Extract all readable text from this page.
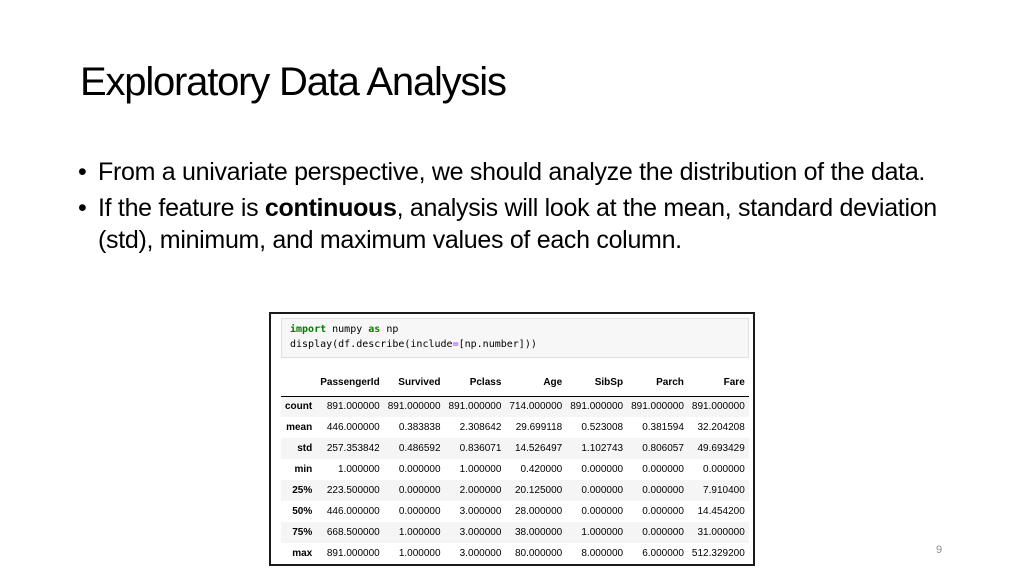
Exploratory Data Analysis
• From a univariate perspective, we should analyze the distribution of the data.
• If the feature is continuous, analysis will look at the mean, standard deviation (std), minimum, and maximum values of each column.
import numpy as np
display(df.describe(include=[np.number]))
	PassengerId	Survived	Pclass	Age	SibSp	Parch	Fare
count	891.000000	891.000000	891.000000	714.000000	891.000000	891.000000	891.000000
mean	446.000000	0.383838	2.308642	29.699118	0.523008	0.381594	32.204208
std	257.353842	0.486592	0.836071	14.526497	1.102743	0.806057	49.693429
min	1.000000	0.000000	1.000000	0.420000	0.000000	0.000000	0.000000
25%	223.500000	0.000000	2.000000	20.125000	0.000000	0.000000	7.910400
50%	446.000000	0.000000	3.000000	28.000000	0.000000	0.000000	14.454200
75%	668.500000	1.000000	3.000000	38.000000	1.000000	0.000000	31.000000
max	891.000000	1.000000	3.000000	80.000000	8.000000	6.000000	512.329200	9
